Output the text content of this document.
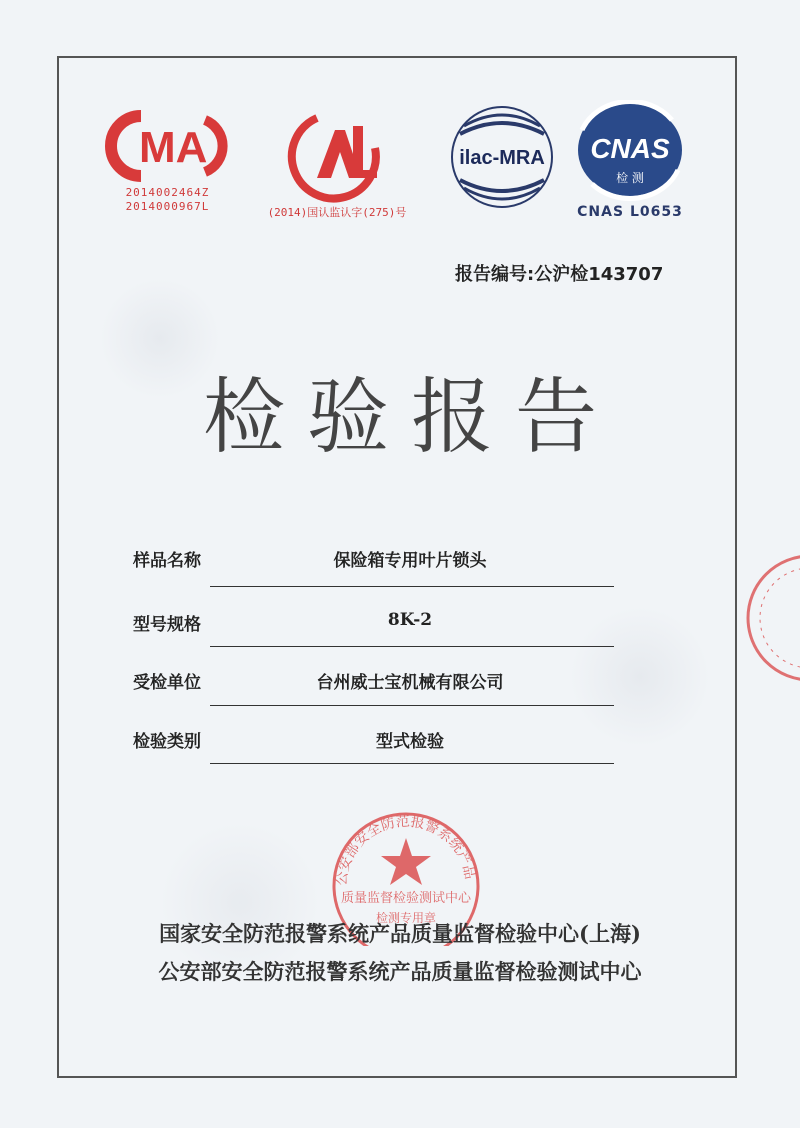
MA
2014002464Z
2014000967L	(2014)国认监认字(275)号
ilac-MRA CNAS
检 测
CNAS L0653
报告编号:公沪检143707
检验报告
样品名称	保险箱专用叶片锁头
型号规格	8K-2
受检单位	台州威士宝机械有限公司
检验类别	型式检验
公安部安全防范报警系统产品
质量监督检验测试中心
检测专用章
国家安全防范报警系统产品质量监督检验中心(上海)
公安部安全防范报警系统产品质量监督检验测试中心
